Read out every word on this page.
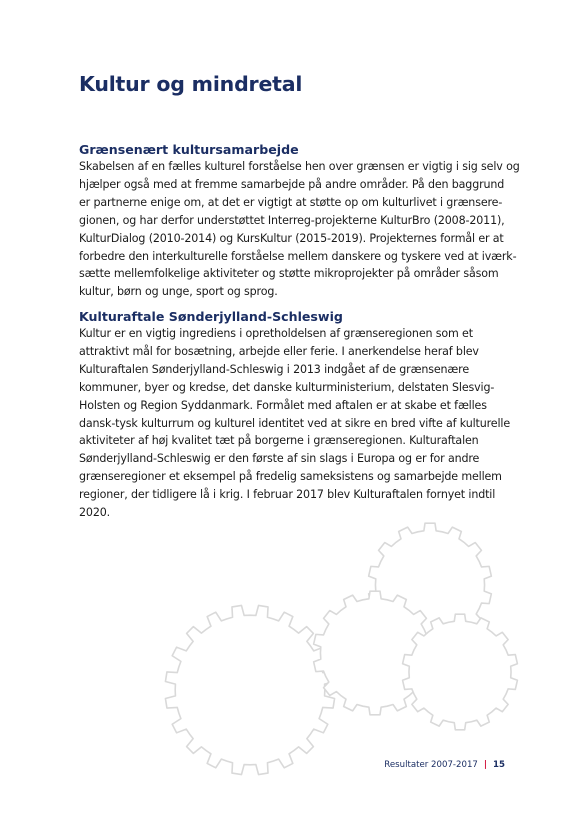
Kultur og mindretal
Grænsenært kultursamarbejde

Skabelsen af en fælles kulturel forståelse hen over grænsen er vigtig i sig selv og
hjælper også med at fremme samarbejde på andre områder. På den baggrund
er partnerne enige om, at det er vigtigt at støtte op om kulturlivet i grænsere-
gionen, og har derfor understøttet Interreg-projekterne KulturBro (2008-2011),
KulturDialog (2010-2014) og KursKultur (2015-2019). Projekternes formål er at
forbedre den interkulturelle forståelse mellem danskere og tyskere ved at iværk-
sætte mellemfolkelige aktiviteter og støtte mikroprojekter på områder såsom
kultur, børn og unge, sport og sprog.

Kulturaftale Sønderjylland-Schleswig

Kultur er en vigtig ingrediens i opretholdelsen af grænseregionen som et
attraktivt mål for bosætning, arbejde eller ferie. I anerkendelse heraf blev
Kulturaftalen Sønderjylland-Schleswig i 2013 indgået af de grænsenære
kommuner, byer og kredse, det danske kulturministerium, delstaten Slesvig-
Holsten og Region Syddanmark. Formålet med aftalen er at skabe et fælles
dansk-tysk kulturrum og kulturel identitet ved at sikre en bred vifte af kulturelle
aktiviteter af høj kvalitet tæt på borgerne i grænseregionen. Kulturaftalen
Sønderjylland-Schleswig er den første af sin slags i Europa og er for andre
grænseregioner et eksempel på fredelig sameksistens og samarbejde mellem
regioner, der tidligere lå i krig. I februar 2017 blev Kulturaftalen fornyet indtil
2020.

Resultater 2007-2017 | 15
